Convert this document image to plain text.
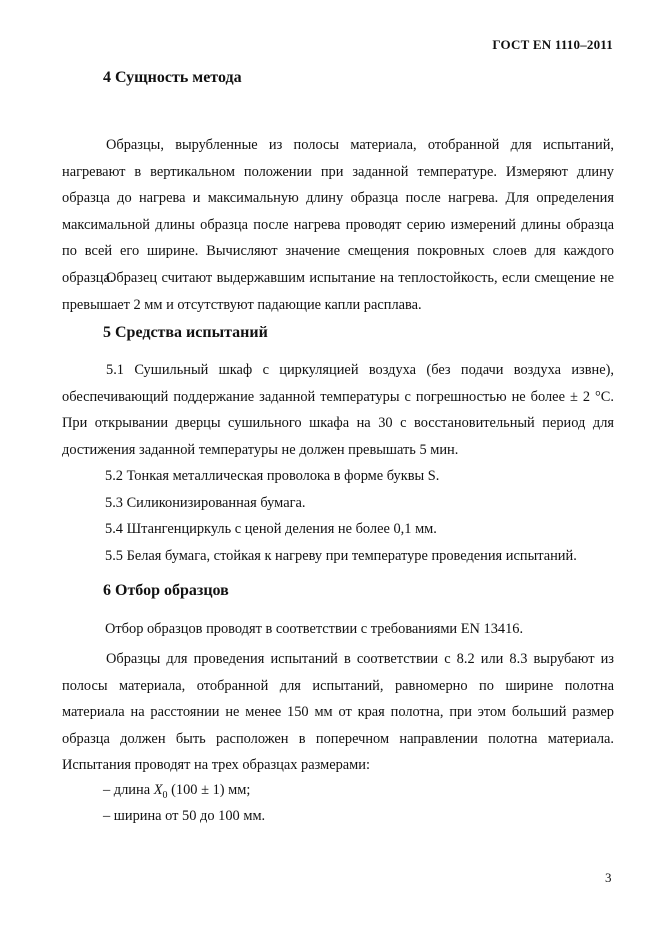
ГОСТ EN 1110–2011
4 Сущность метода

Образцы, вырубленные из полосы материала, отобранной для испытаний, нагревают в вертикальном положении при заданной температуре. Измеряют длину образца до нагрева и максимальную длину образца после нагрева. Для определения максимальной длины образца после нагрева проводят серию измерений длины образца по всей его ширине. Вычисляют значение смещения покровных слоев для каждого образца.

Образец считают выдержавшим испытание на теплостойкость, если смещение не превышает 2 мм и отсутствуют падающие капли расплава.

5 Средства испытаний

5.1 Сушильный шкаф с циркуляцией воздуха (без подачи воздуха извне), обеспечивающий поддержание заданной температуры с погрешностью не более ± 2 °С. При открывании дверцы сушильного шкафа на 30 с восстановительный период для достижения заданной температуры не должен превышать 5 мин.

5.2 Тонкая металлическая проволока в форме буквы S.

5.3 Силиконизированная бумага.

5.4 Штангенциркуль с ценой деления не более 0,1 мм.

5.5 Белая бумага, стойкая к нагреву при температуре проведения испытаний.

6 Отбор образцов

Отбор образцов проводят в соответствии с требованиями EN 13416.

Образцы для проведения испытаний в соответствии с 8.2 или 8.3 вырубают из полосы материала, отобранной для испытаний, равномерно по ширине полотна материала на расстоянии не менее 150 мм от края полотна, при этом больший размер образца должен быть расположен в поперечном направлении полотна материала. Испытания проводят на трех образцах размерами:

– длина $X_0$ (100 ± 1) мм;

– ширина от 50 до 100 мм.

3
